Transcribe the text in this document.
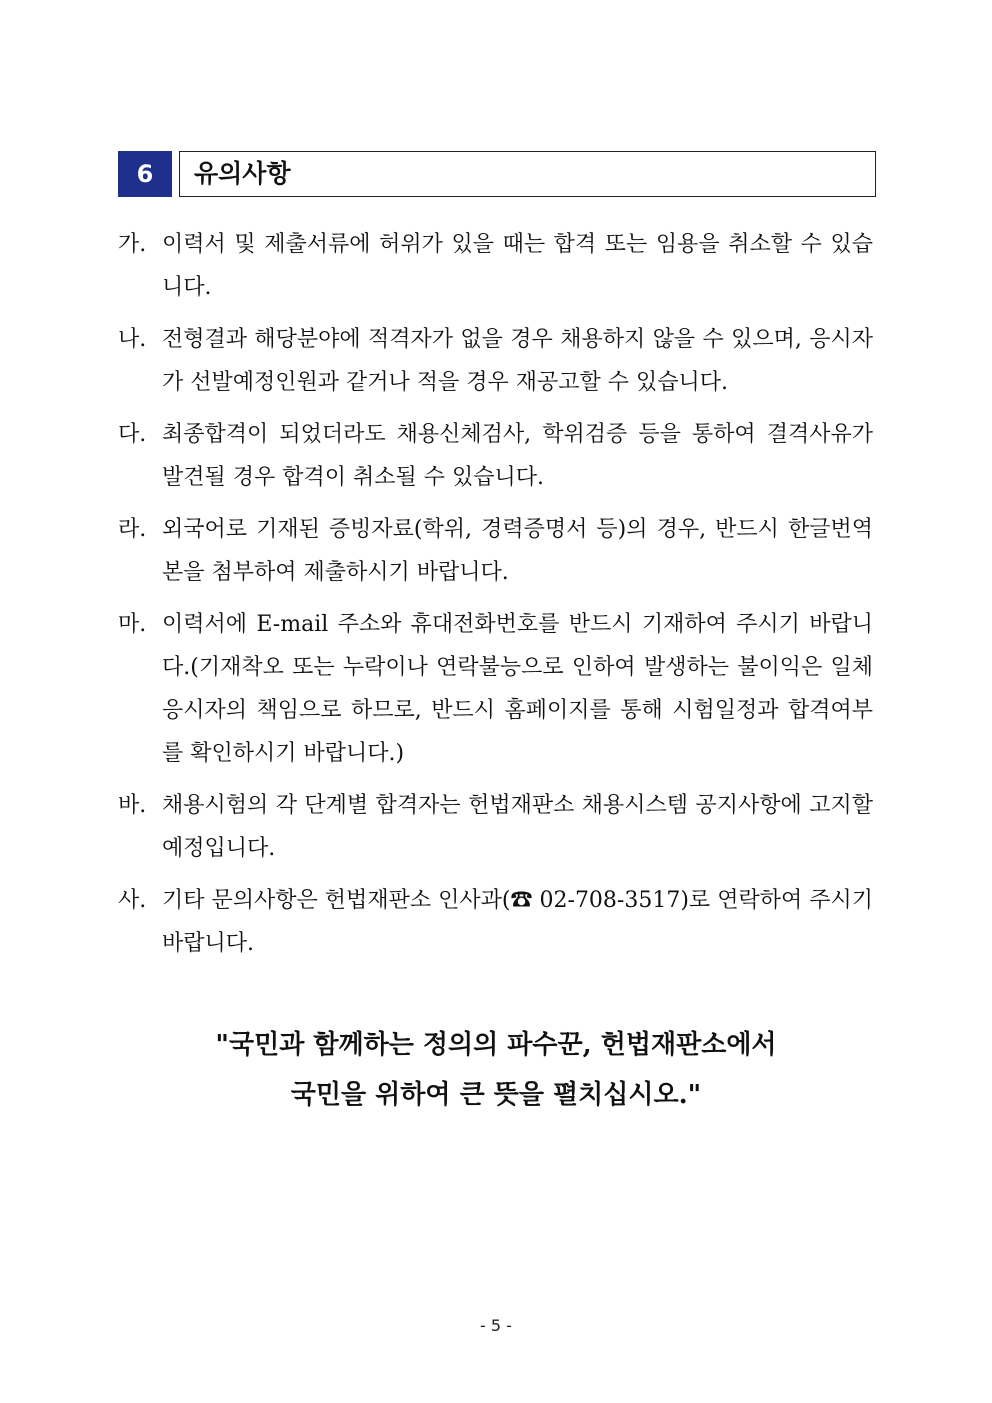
6	유의사항
가. 이력서 및 제출서류에 허위가 있을 때는 합격 또는 임용을 취소할 수 있습니다.
나. 전형결과 해당분야에 적격자가 없을 경우 채용하지 않을 수 있으며, 응시자가 선발예정인원과 같거나 적을 경우 재공고할 수 있습니다.
다. 최종합격이 되었더라도 채용신체검사, 학위검증 등을 통하여 결격사유가 발견될 경우 합격이 취소될 수 있습니다.
라. 외국어로 기재된 증빙자료(학위, 경력증명서 등)의 경우, 반드시 한글번역본을 첨부하여 제출하시기 바랍니다.
마. 이력서에 E-mail 주소와 휴대전화번호를 반드시 기재하여 주시기 바랍니다.(기재착오 또는 누락이나 연락불능으로 인하여 발생하는 불이익은 일체 응시자의 책임으로 하므로, 반드시 홈페이지를 통해 시험일정과 합격여부를 확인하시기 바랍니다.)
바. 채용시험의 각 단계별 합격자는 헌법재판소 채용시스템 공지사항에 고지할 예정입니다.
사. 기타 문의사항은 헌법재판소 인사과(☎ 02-708-3517)로 연락하여 주시기 바랍니다.
"국민과 함께하는 정의의 파수꾼, 헌법재판소에서
국민을 위하여 큰 뜻을 펼치십시오."
- 5 -
